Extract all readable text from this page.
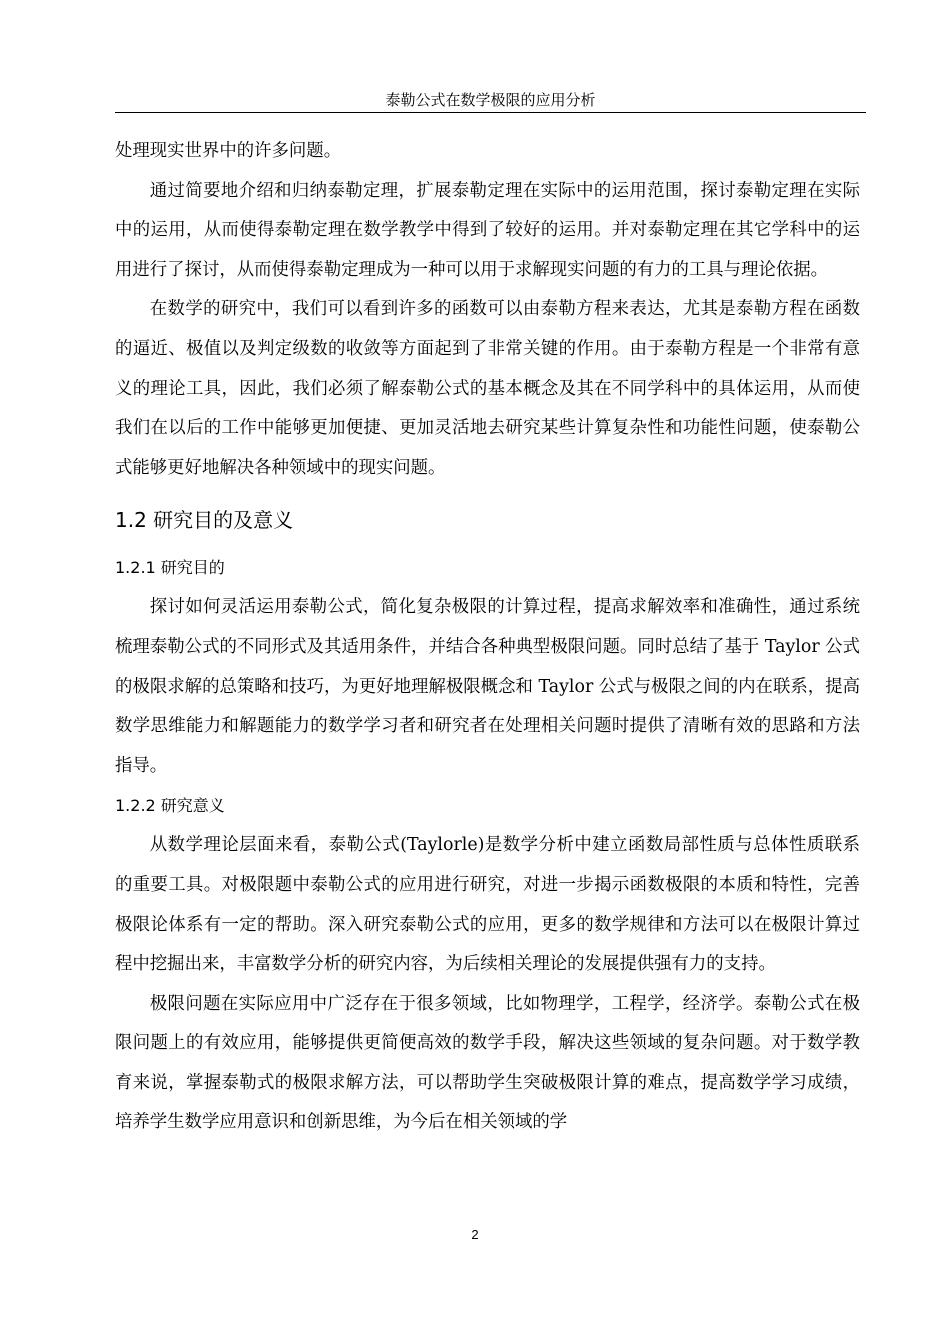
泰勒公式在数学极限的应用分析

处理现实世界中的许多问题。

通过简要地介绍和归纳泰勒定理，扩展泰勒定理在实际中的运用范围，探讨泰勒定理在实际中的运用，从而使得泰勒定理在数学教学中得到了较好的运用。并对泰勒定理在其它学科中的运用进行了探讨，从而使得泰勒定理成为一种可以用于求解现实问题的有力的工具与理论依据。

在数学的研究中，我们可以看到许多的函数可以由泰勒方程来表达，尤其是泰勒方程在函数的逼近、极值以及判定级数的收敛等方面起到了非常关键的作用。由于泰勒方程是一个非常有意义的理论工具，因此，我们必须了解泰勒公式的基本概念及其在不同学科中的具体运用，从而使我们在以后的工作中能够更加便捷、更加灵活地去研究某些计算复杂性和功能性问题，使泰勒公式能够更好地解决各种领域中的现实问题。

1.2 研究目的及意义
1.2.1 研究目的

探讨如何灵活运用泰勒公式，简化复杂极限的计算过程，提高求解效率和准确性，通过系统梳理泰勒公式的不同形式及其适用条件，并结合各种典型极限问题。同时总结了基于 Taylor 公式的极限求解的总策略和技巧，为更好地理解极限概念和 Taylor 公式与极限之间的内在联系，提高数学思维能力和解题能力的数学学习者和研究者在处理相关问题时提供了清晰有效的思路和方法指导。

1.2.2 研究意义

从数学理论层面来看，泰勒公式(Taylorle)是数学分析中建立函数局部性质与总体性质联系的重要工具。对极限题中泰勒公式的应用进行研究，对进一步揭示函数极限的本质和特性，完善极限论体系有一定的帮助。深入研究泰勒公式的应用，更多的数学规律和方法可以在极限计算过程中挖掘出来，丰富数学分析的研究内容，为后续相关理论的发展提供强有力的支持。

极限问题在实际应用中广泛存在于很多领域，比如物理学，工程学，经济学。泰勒公式在极限问题上的有效应用，能够提供更简便高效的数学手段，解决这些领域的复杂问题。对于数学教育来说，掌握泰勒式的极限求解方法，可以帮助学生突破极限计算的难点，提高数学学习成绩，培养学生数学应用意识和创新思维，为今后在相关领域的学

2
